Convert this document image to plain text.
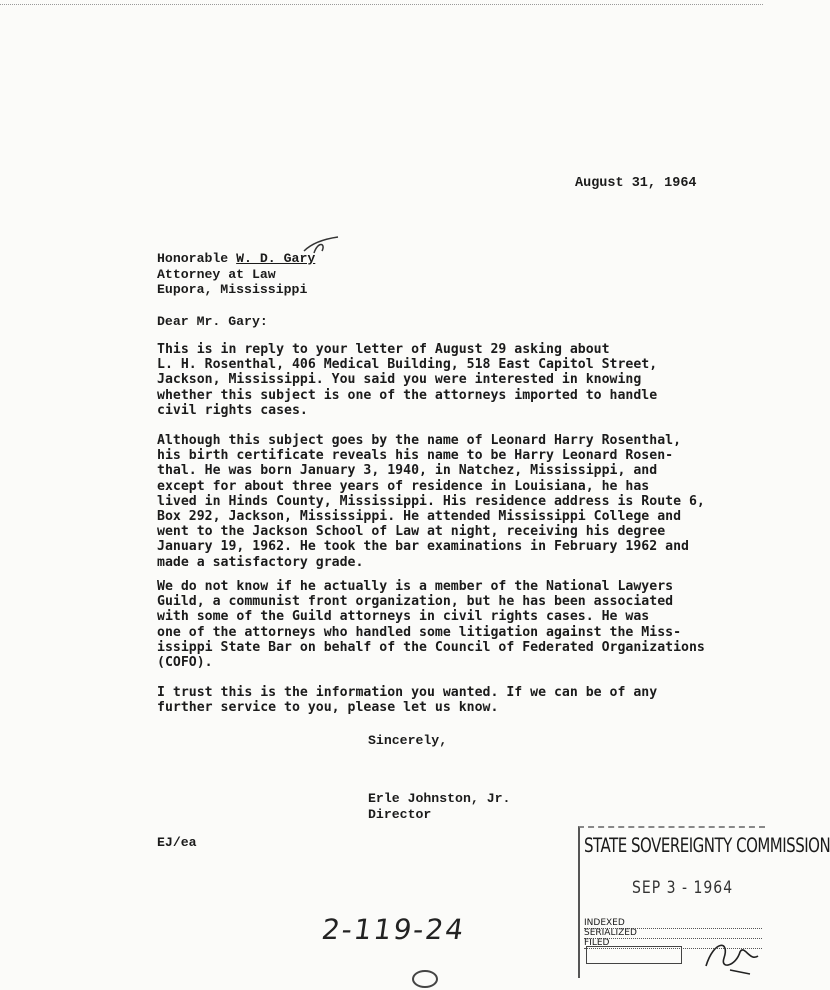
August 31, 1964
Honorable W. D. Gary
Attorney at Law
Eupora, Mississippi
Dear Mr. Gary:
This is in reply to your letter of August 29 asking about
L. H. Rosenthal, 406 Medical Building, 518 East Capitol Street,
Jackson, Mississippi. You said you were interested in knowing
whether this subject is one of the attorneys imported to handle
civil rights cases.
Although this subject goes by the name of Leonard Harry Rosenthal,
his birth certificate reveals his name to be Harry Leonard Rosen-
thal. He was born January 3, 1940, in Natchez, Mississippi, and
except for about three years of residence in Louisiana, he has
lived in Hinds County, Mississippi. His residence address is Route 6,
Box 292, Jackson, Mississippi. He attended Mississippi College and
went to the Jackson School of Law at night, receiving his degree
January 19, 1962. He took the bar examinations in February 1962 and
made a satisfactory grade.
We do not know if he actually is a member of the National Lawyers
Guild, a communist front organization, but he has been associated
with some of the Guild attorneys in civil rights cases. He was
one of the attorneys who handled some litigation against the Miss-
issippi State Bar on behalf of the Council of Federated Organizations
(COFO).
I trust this is the information you wanted. If we can be of any
further service to you, please let us know.
Sincerely,
Erle Johnston, Jr.
Director
EJ/ea
2-119-24
STATE SOVEREIGNTY COMMISSION
SEP 3 - 1964
INDEXED
SERIALIZED
FILED
